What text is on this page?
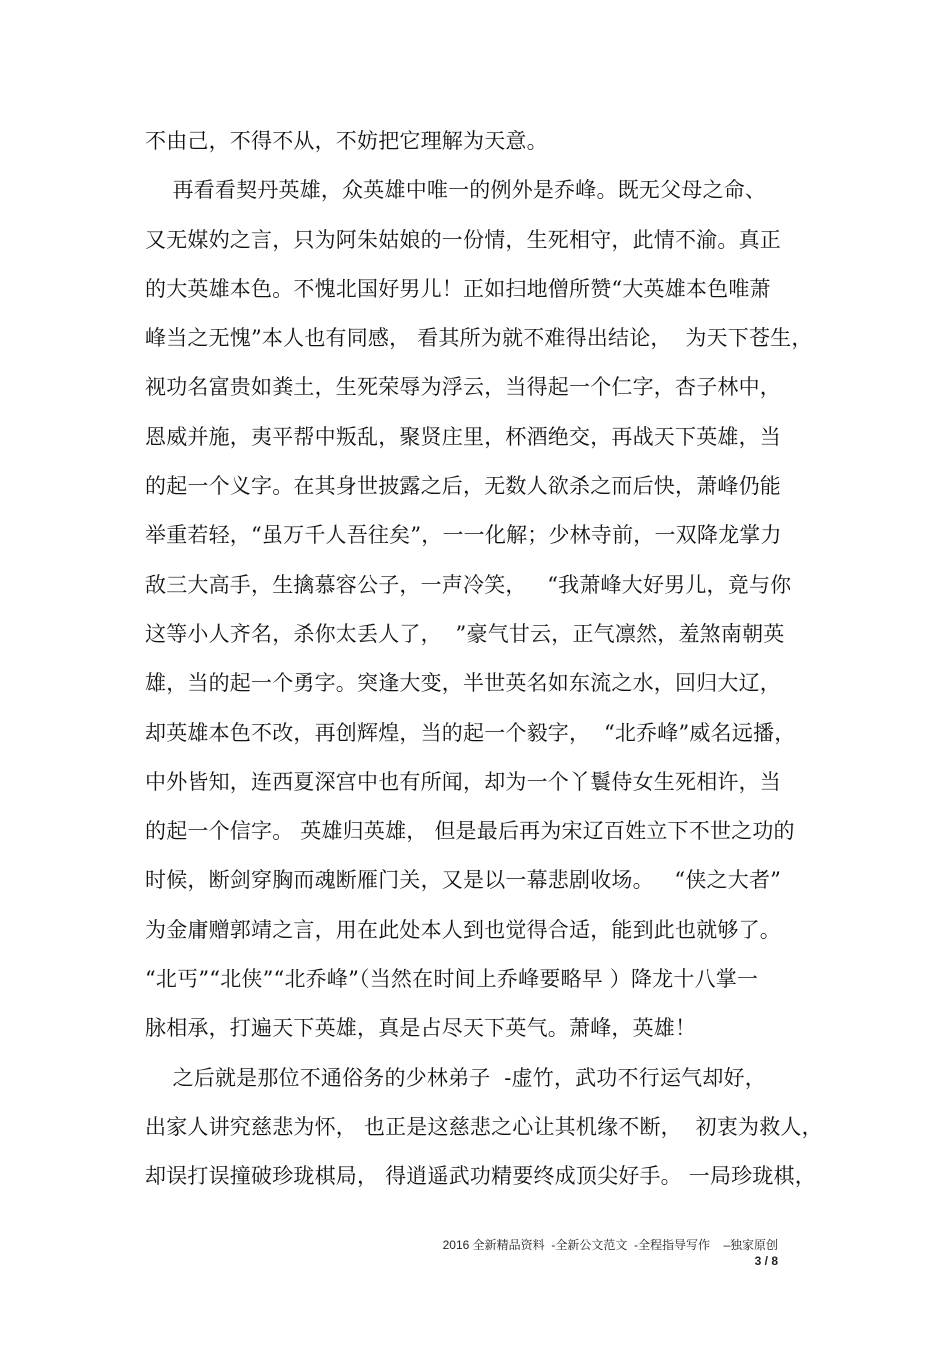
不由己，不得不从，不妨把它理解为天意。
再看看契丹英雄，众英雄中唯一的例外是乔峰。既无父母之命、
又无媒妁之言，只为阿朱姑娘的一份情，生死相守，此情不渝。真正
的大英雄本色。不愧北国好男儿！正如扫地僧所赞“大英雄本色唯萧
峰当之无愧”本人也有同感， 看其所为就不难得出结论，  为天下苍生，
视功名富贵如粪土，生死荣辱为浮云，当得起一个仁字，杏子林中，
恩威并施，夷平帮中叛乱，聚贤庄里，杯酒绝交，再战天下英雄，当
的起一个义字。在其身世披露之后，无数人欲杀之而后快，萧峰仍能
举重若轻，“虽万千人吾往矣”，一一化解；少林寺前，一双降龙掌力
敌三大高手，生擒慕容公子，一声冷笑，   “我萧峰大好男儿，竟与你
这等小人齐名，杀你太丢人了，  ”豪气甘云，正气凛然，羞煞南朝英
雄，当的起一个勇字。突逢大变，半世英名如东流之水，回归大辽，
却英雄本色不改，再创辉煌，当的起一个毅字，  “北乔峰”威名远播，
中外皆知，连西夏深宫中也有所闻，却为一个丫鬟侍女生死相许，当
的起一个信字。 英雄归英雄， 但是最后再为宋辽百姓立下不世之功的
时候，断剑穿胸而魂断雁门关，又是以一幕悲剧收场。   “侠之大者”
为金庸赠郭靖之言，用在此处本人到也觉得合适，能到此也就够了。
“北丐”“北侠”“北乔峰”（当然在时间上乔峰要略早 ）降龙十八掌一
脉相承，打遍天下英雄，真是占尽天下英气。萧峰，英雄！
之后就是那位不通俗务的少林弟子  -虚竹，武功不行运气却好，
出家人讲究慈悲为怀， 也正是这慈悲之心让其机缘不断，  初衷为救人，
却误打误撞破珍珑棋局， 得逍遥武功精要终成顶尖好手。 一局珍珑棋，
2016 全新精品资料  -全新公文范文  -全程指导写作    –独家原创
3 / 8
